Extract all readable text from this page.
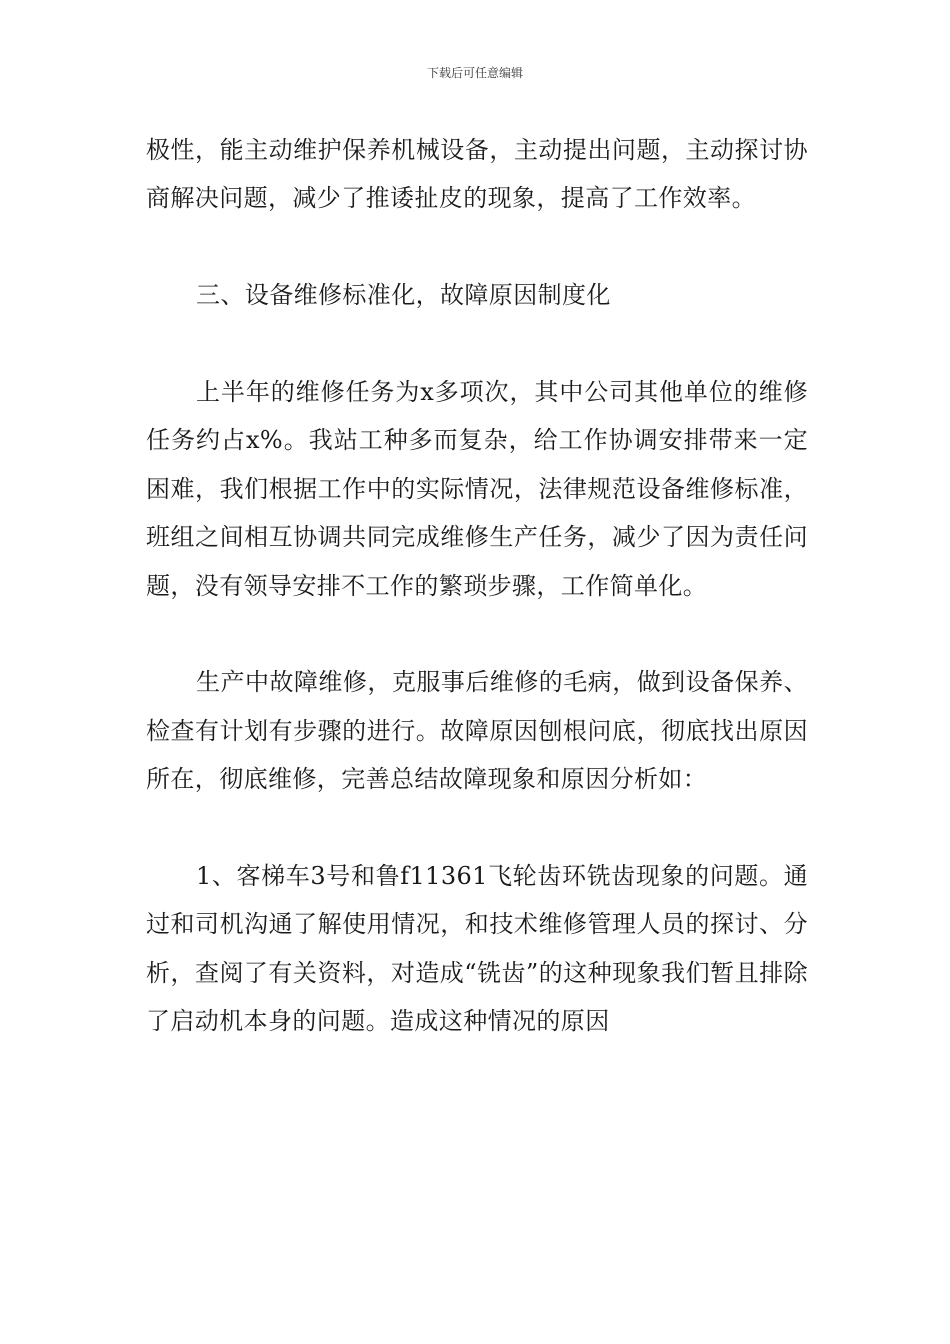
下载后可任意编辑

极性，能主动维护保养机械设备，主动提出问题，主动探讨协商解决问题，减少了推诿扯皮的现象，提高了工作效率。

三、设备维修标准化，故障原因制度化

上半年的维修任务为x多项次，其中公司其他单位的维修任务约占x%。我站工种多而复杂，给工作协调安排带来一定困难，我们根据工作中的实际情况，法律规范设备维修标准，班组之间相互协调共同完成维修生产任务，减少了因为责任问题，没有领导安排不工作的繁琐步骤，工作简单化。

生产中故障维修，克服事后维修的毛病，做到设备保养、检查有计划有步骤的进行。故障原因刨根问底，彻底找出原因所在，彻底维修，完善总结故障现象和原因分析如：

1、客梯车3号和鲁f11361飞轮齿环铣齿现象的问题。通过和司机沟通了解使用情况，和技术维修管理人员的探讨、分析，查阅了有关资料，对造成“铣齿”的这种现象我们暂且排除了启动机本身的问题。造成这种情况的原因
